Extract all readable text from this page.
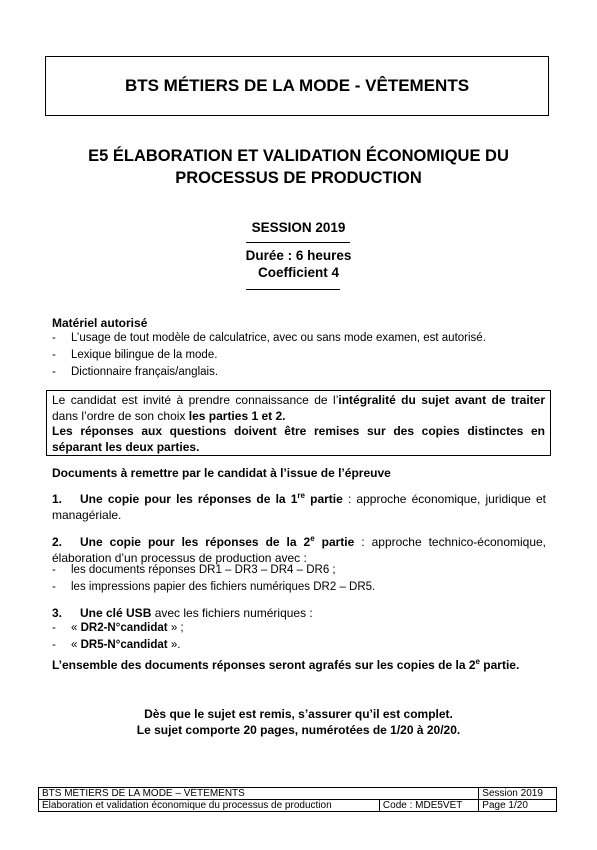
BTS MÉTIERS DE LA MODE - VÊTEMENTS
E5 ÉLABORATION ET VALIDATION ÉCONOMIQUE DU
PROCESSUS DE PRODUCTION
SESSION 2019
Durée : 6 heures
Coefficient 4
Matériel autorisé
- L’usage de tout modèle de calculatrice, avec ou sans mode examen, est autorisé.
- Lexique bilingue de la mode.
- Dictionnaire français/anglais.
Le candidat est invité à prendre connaissance de l’intégralité du sujet avant de traiter dans l’ordre de son choix les parties 1 et 2.
Les réponses aux questions doivent être remises sur des copies distinctes en séparant les deux parties.
Documents à remettre par le candidat à l’issue de l’épreuve
1. Une copie pour les réponses de la 1re partie : approche économique, juridique et managériale.
2. Une copie pour les réponses de la 2e partie : approche technico-économique, élaboration d’un processus de production avec :
- les documents réponses DR1 – DR3 – DR4 – DR6 ;
- les impressions papier des fichiers numériques DR2 – DR5.
3. Une clé USB avec les fichiers numériques :
- « DR2-N°candidat » ;
- « DR5-N°candidat ».
L’ensemble des documents réponses seront agrafés sur les copies de la 2e partie.
Dès que le sujet est remis, s’assurer qu’il est complet.
Le sujet comporte 20 pages, numérotées de 1/20 à 20/20.
BTS MÉTIERS DE LA MODE – VÊTEMENTS		Session 2019
Élaboration et validation économique du processus de production	Code : MDE5VET	Page 1/20
